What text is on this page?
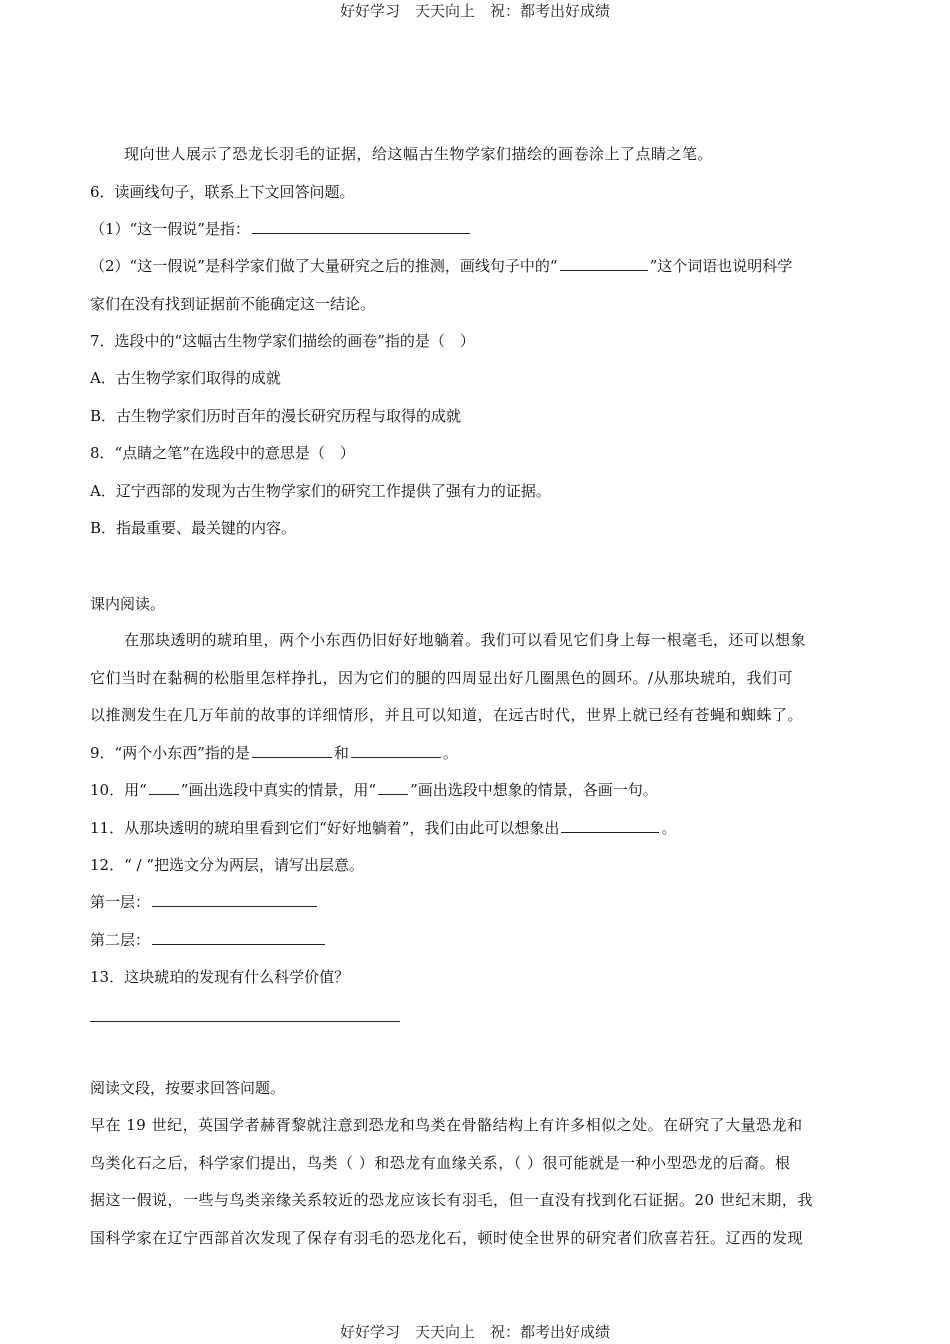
好好学习　天天向上　祝：都考出好成绩
现向世人展示了恐龙长羽毛的证据，给这幅古生物学家们描绘的画卷涂上了点睛之笔。
6．读画线句子，联系上下文回答问题。
（1）“这一假说”是指：
（2）“这一假说”是科学家们做了大量研究之后的推测，画线句子中的“	”这个词语也说明科学
家们在没有找到证据前不能确定这一结论。
7．选段中的“这幅古生物学家们描绘的画卷”指的是（　）
A．古生物学家们取得的成就
B．古生物学家们历时百年的漫长研究历程与取得的成就
8．“点睛之笔”在选段中的意思是（　）
A．辽宁西部的发现为古生物学家们的研究工作提供了强有力的证据。
B．指最重要、最关键的内容。
课内阅读。
在那块透明的琥珀里，两个小东西仍旧好好地躺着。我们可以看见它们身上每一根毫毛，还可以想象
它们当时在黏稠的松脂里怎样挣扎，因为它们的腿的四周显出好几圈黑色的圆环。/从那块琥珀，我们可
以推测发生在几万年前的故事的详细情形，并且可以知道，在远古时代，世界上就已经有苍蝇和蜘蛛了。
9．“两个小东西”指的是	和	。
10．用“ ”画出选段中真实的情景，用“ ”画出选段中想象的情景，各画一句。
11．从那块透明的琥珀里看到它们“好好地躺着”，我们由此可以想象出	。
12．“ / ”把选文分为两层，请写出层意。
第一层：
第二层：
13．这块琥珀的发现有什么科学价值？
阅读文段，按要求回答问题。
早在 19 世纪，英国学者赫胥黎就注意到恐龙和鸟类在骨骼结构上有许多相似之处。在研究了大量恐龙和
鸟类化石之后，科学家们提出，鸟类（ ）和恐龙有血缘关系，（ ）很可能就是一种小型恐龙的后裔。根
据这一假说，一些与鸟类亲缘关系较近的恐龙应该长有羽毛，但一直没有找到化石证据。20 世纪末期，我
国科学家在辽宁西部首次发现了保存有羽毛的恐龙化石，顿时使全世界的研究者们欣喜若狂。辽西的发现
好好学习　天天向上　祝：都考出好成绩
